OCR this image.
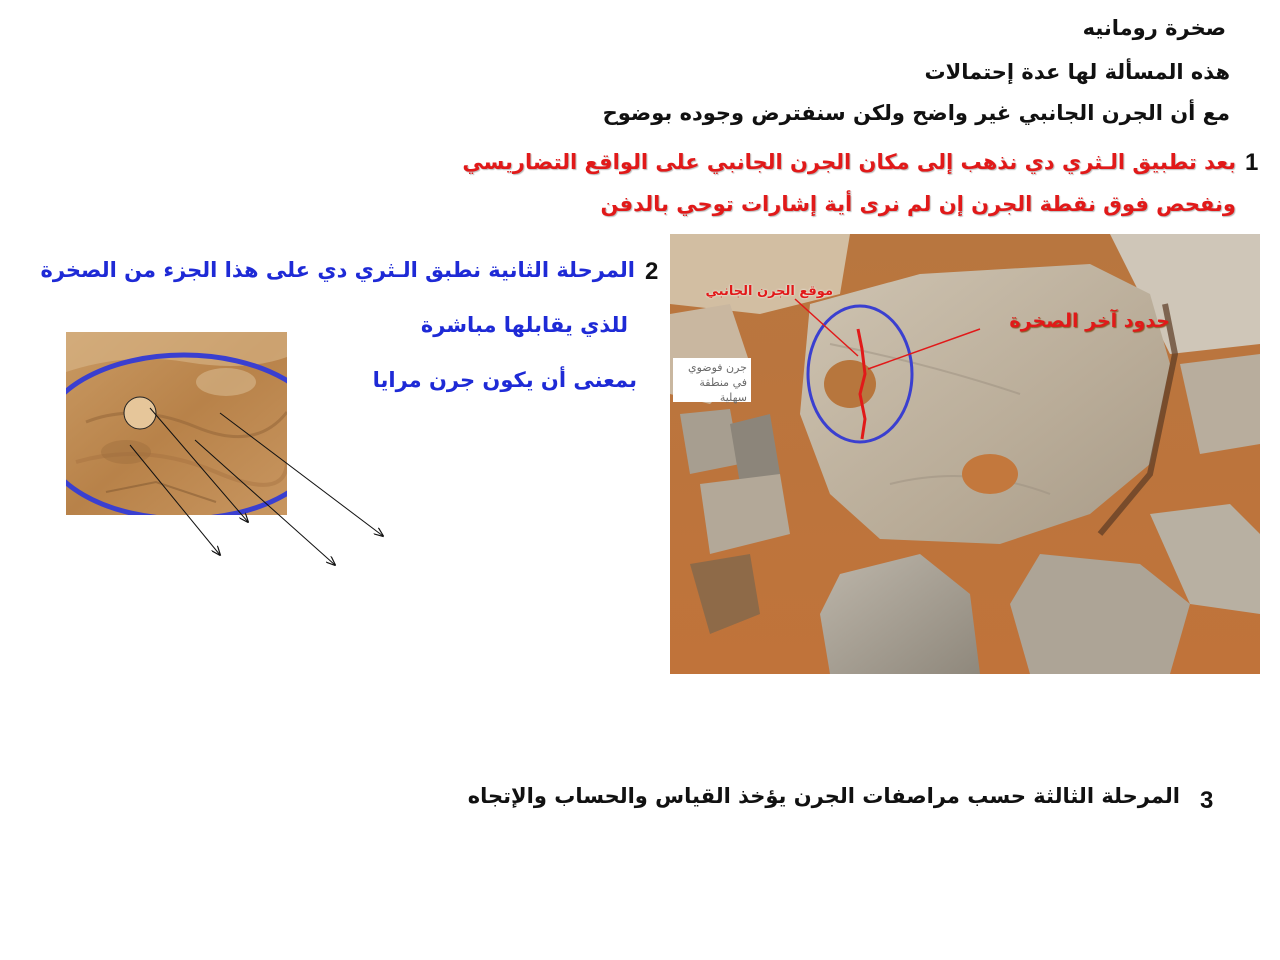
صخرة رومانيه
هذه المسألة لها عدة إحتمالات
مع أن الجرن الجانبي غير واضح ولكن سنفترض وجوده بوضوح
1
بعد تطبيق الـثري دي نذهب إلى مكان الجرن الجانبي على الواقع التضاريسي
ونفحص فوق نقطة الجرن إن لم نرى أية إشارات توحي بالدفن
2
المرحلة الثانية نطبق الـثري دي على هذا الجزء من الصخرة
للذي يقابلها مباشرة
بمعنى أن يكون جرن مرايا
موقع الجرن الجانبي
حدود آخر الصخرة
جرن فوضوي في منطقة سهلية
3
المرحلة الثالثة حسب مراصفات الجرن يؤخذ القياس والحساب والإتجاه
